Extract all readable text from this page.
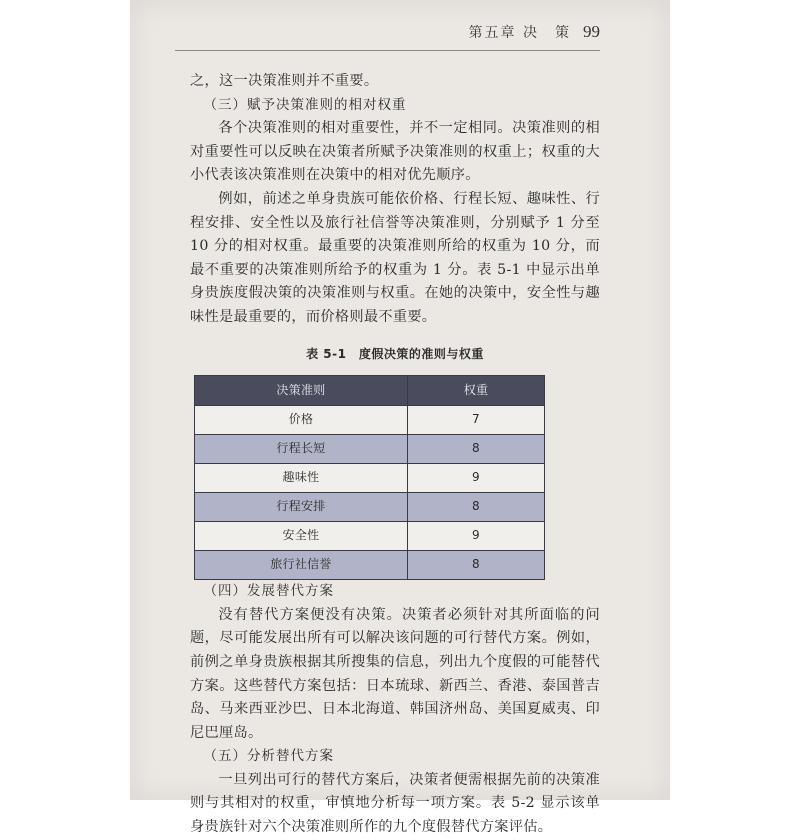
第五章 决　策 99

之，这一决策准则并不重要。

（三）赋予决策准则的相对权重

各个决策准则的相对重要性，并不一定相同。决策准则的相对重要性可以反映在决策者所赋予决策准则的权重上；权重的大小代表该决策准则在决策中的相对优先顺序。

例如，前述之单身贵族可能依价格、行程长短、趣味性、行程安排、安全性以及旅行社信誉等决策准则，分别赋予 1 分至 10 分的相对权重。最重要的决策准则所给的权重为 10 分，而最不重要的决策准则所给予的权重为 1 分。表 5-1 中显示出单身贵族度假决策的决策准则与权重。在她的决策中，安全性与趣味性是最重要的，而价格则最不重要。

表 5-1　度假决策的准则与权重
决策准则	权重
价格	7
行程长短	8
趣味性	9
行程安排	8
安全性	9
旅行社信誉	8
（四）发展替代方案

没有替代方案便没有决策。决策者必须针对其所面临的问题，尽可能发展出所有可以解决该问题的可行替代方案。例如，前例之单身贵族根据其所搜集的信息，列出九个度假的可能替代方案。这些替代方案包括：日本琉球、新西兰、香港、泰国普吉岛、马来西亚沙巴、日本北海道、韩国济州岛、美国夏威夷、印尼巴厘岛。

（五）分析替代方案

一旦列出可行的替代方案后，决策者便需根据先前的决策准则与其相对的权重，审慎地分析每一项方案。表 5-2 显示该单身贵族针对六个决策准则所作的九个度假替代方案评估。
